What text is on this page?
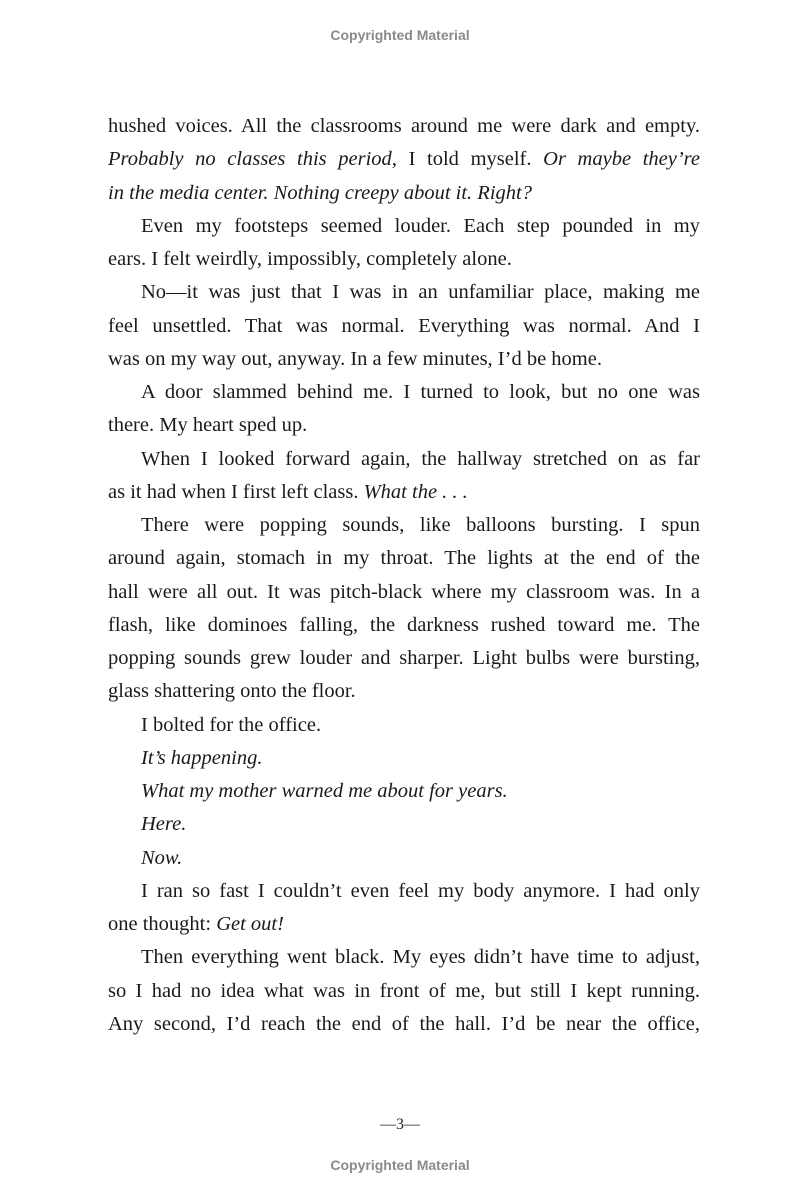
Copyrighted Material
hushed voices. All the classrooms around me were dark and empty.
Probably no classes this period, I told myself. Or maybe they’re
in the media center. Nothing creepy about it. Right?
Even my footsteps seemed louder. Each step pounded in my
ears. I felt weirdly, impossibly, completely alone.
No—it was just that I was in an unfamiliar place, making me
feel unsettled. That was normal. Everything was normal. And I
was on my way out, anyway. In a few minutes, I’d be home.
A door slammed behind me. I turned to look, but no one was
there. My heart sped up.
When I looked forward again, the hallway stretched on as far
as it had when I first left class. What the . . .
There were popping sounds, like balloons bursting. I spun
around again, stomach in my throat. The lights at the end of the
hall were all out. It was pitch-black where my classroom was. In a
flash, like dominoes falling, the darkness rushed toward me. The
popping sounds grew louder and sharper. Light bulbs were bursting,
glass shattering onto the floor.
I bolted for the office.
It’s happening.
What my mother warned me about for years.
Here.
Now.
I ran so fast I couldn’t even feel my body anymore. I had only
one thought: Get out!
Then everything went black. My eyes didn’t have time to adjust,
so I had no idea what was in front of me, but still I kept running.
Any second, I’d reach the end of the hall. I’d be near the office,
—3—
Copyrighted Material
